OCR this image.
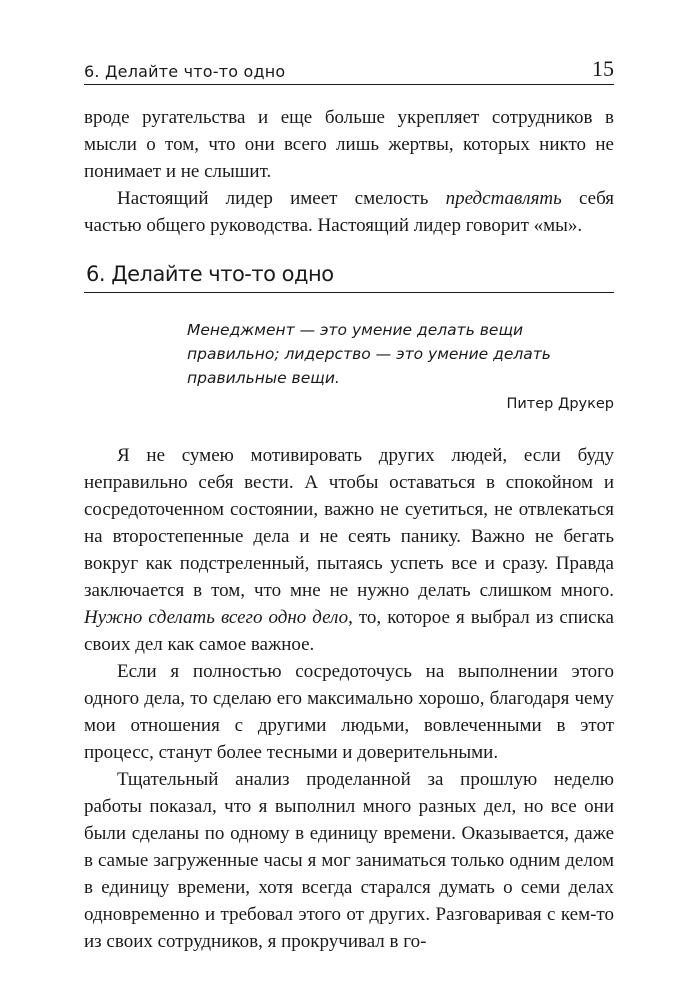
6. Делайте что-то одно	15

вроде ругательства и еще больше укрепляет сотрудников в мысли о том, что они всего лишь жертвы, которых никто не понимает и не слышит.

Настоящий лидер имеет смелость представлять себя частью общего руководства. Настоящий лидер говорит «мы».

6. Делайте что-то одно
Менеджмент — это умение делать вещи правильно; лидерство — это умение делать правильные вещи.
Питер Друкер

Я не сумею мотивировать других людей, если буду неправильно себя вести. А чтобы оставаться в спокойном и сосредоточенном состоянии, важно не суетиться, не отвлекаться на второстепенные дела и не сеять панику. Важно не бегать вокруг как подстреленный, пытаясь успеть все и сразу. Правда заключается в том, что мне не нужно делать слишком много. Нужно сделать всего одно дело, то, которое я выбрал из списка своих дел как самое важное.

Если я полностью сосредоточусь на выполнении этого одного дела, то сделаю его максимально хорошо, благодаря чему мои отношения с другими людьми, вовлеченными в этот процесс, станут более тесными и доверительными.

Тщательный анализ проделанной за прошлую неделю работы показал, что я выполнил много разных дел, но все они были сделаны по одному в единицу времени. Оказывается, даже в самые загруженные часы я мог заниматься только одним делом в единицу времени, хотя всегда старался думать о семи делах одновременно и требовал этого от других. Разговаривая с кем-то из своих сотрудников, я прокручивал в го-
